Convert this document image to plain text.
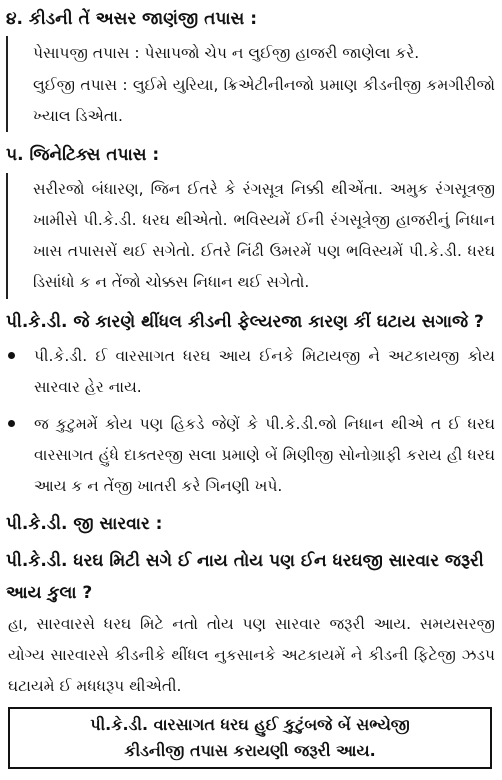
૪. કીડની તેં અસર જાણંજી તપાસ :

પેસાપજી તપાસ : પેસાપજો ચેપ ન લુઈજી હાજરી જાણેલા કરે.

લુઈજી તપાસ : લુઈમે યુરિયા, ક્રિએટીનીનજો પ્રમાણ કીડનીજી કમગીરીજો ખ્યાલ ડિએતા.

૫. જિનેટિક્સ તપાસ :

સરીરજો બંધારણ, જિન ઈતરે કે રંગસૂત્ર નિક્કી થીએંતા. અમુક રંગસૂત્રજી ખામીસે પી.કે.ડી. ધરઘ થીએતો. ભવિસ્યમેં ઈની રંગસૂત્રેજી હાજરીનું નિધાન ખાસ તપાસસેં થઈ સગેતો. ઈતરે નિંઢી ઉમરમેં પણ ભવિસ્યમેં પી.કે.ડી. ધરઘ ડિસાંધો ક ન તેંજો ચોક્કસ નિધાન થઈ સગેતો.

પી.કે.ડી. જે કારણે થીંધલ કીડની ફેલ્યરજા કારણ કીં ઘટાય સગાજે ?

પી.કે.ડી. ઈ વારસાગત ધરઘ આય ઈનકે મિટાયજી ને અટકાયજી કોય સારવાર હેર નાય.

જ કુટુમમેં કોય પણ હિકડે જેણેં કે પી.કે.ડી.જો નિધાન થીએ ત ઈ ધરઘ વારસાગત હુંધે દાક્તરજી સલા પ્રમાણે બેં મિણીજી સોનોગ્રાફી કરાય હી ધરઘ આય ક ન તેંજી ખાતરી કરે ગિનણી ખપે.

પી.કે.ડી. જી સારવાર :
પી.કે.ડી. ધરઘ મિટી સગે ઈ નાય તોય પણ ઈન ધરઘજી સારવાર જરૂરી આય કુલા ?

હા, સારવારસે ધરઘ મિટે નતો તોય પણ સારવાર જરૂરી આય. સમયસરજી યોગ્ય સારવારસે કીડનીકે થીંધલ નુકસાનકે અટકાયમેં ને કીડની ફિટેજી ઝડપ ઘટાયમે ઈ મધધરૂપ થીએતી.

પી.કે.ડી. વારસાગત ધરઘ હુઈ કુટુંબજે બેં સભ્યેજી
કીડનીજી તપાસ કરાયણી જરૂરી આય.
